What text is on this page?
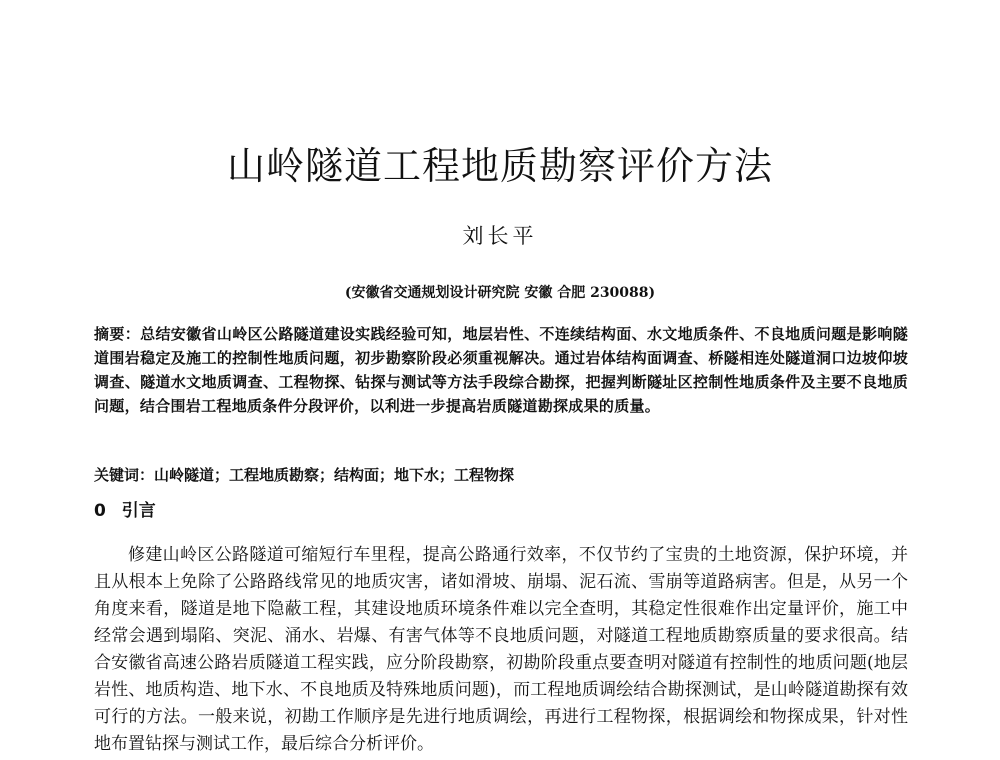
山岭隧道工程地质勘察评价方法
刘长平
(安徽省交通规划设计研究院 安徽 合肥 230088)
摘要：总结安徽省山岭区公路隧道建设实践经验可知，地层岩性、不连续结构面、水文地质条件、不良地质问题是影响隧道围岩稳定及施工的控制性地质问题，初步勘察阶段必须重视解决。通过岩体结构面调查、桥隧相连处隧道洞口边坡仰坡调查、隧道水文地质调查、工程物探、钻探与测试等方法手段综合勘探，把握判断隧址区控制性地质条件及主要不良地质问题，结合围岩工程地质条件分段评价，以利进一步提高岩质隧道勘探成果的质量。
关键词：山岭隧道；工程地质勘察；结构面；地下水；工程物探
0 引言
修建山岭区公路隧道可缩短行车里程，提高公路通行效率，不仅节约了宝贵的土地资源，保护环境，并且从根本上免除了公路路线常见的地质灾害，诸如滑坡、崩塌、泥石流、雪崩等道路病害。但是，从另一个角度来看，隧道是地下隐蔽工程，其建设地质环境条件难以完全查明，其稳定性很难作出定量评价，施工中经常会遇到塌陷、突泥、涌水、岩爆、有害气体等不良地质问题，对隧道工程地质勘察质量的要求很高。结合安徽省高速公路岩质隧道工程实践，应分阶段勘察，初勘阶段重点要查明对隧道有控制性的地质问题(地层岩性、地质构造、地下水、不良地质及特殊地质问题)，而工程地质调绘结合勘探测试，是山岭隧道勘探有效可行的方法。一般来说，初勘工作顺序是先进行地质调绘，再进行工程物探，根据调绘和物探成果，针对性地布置钻探与测试工作，最后综合分析评价。
